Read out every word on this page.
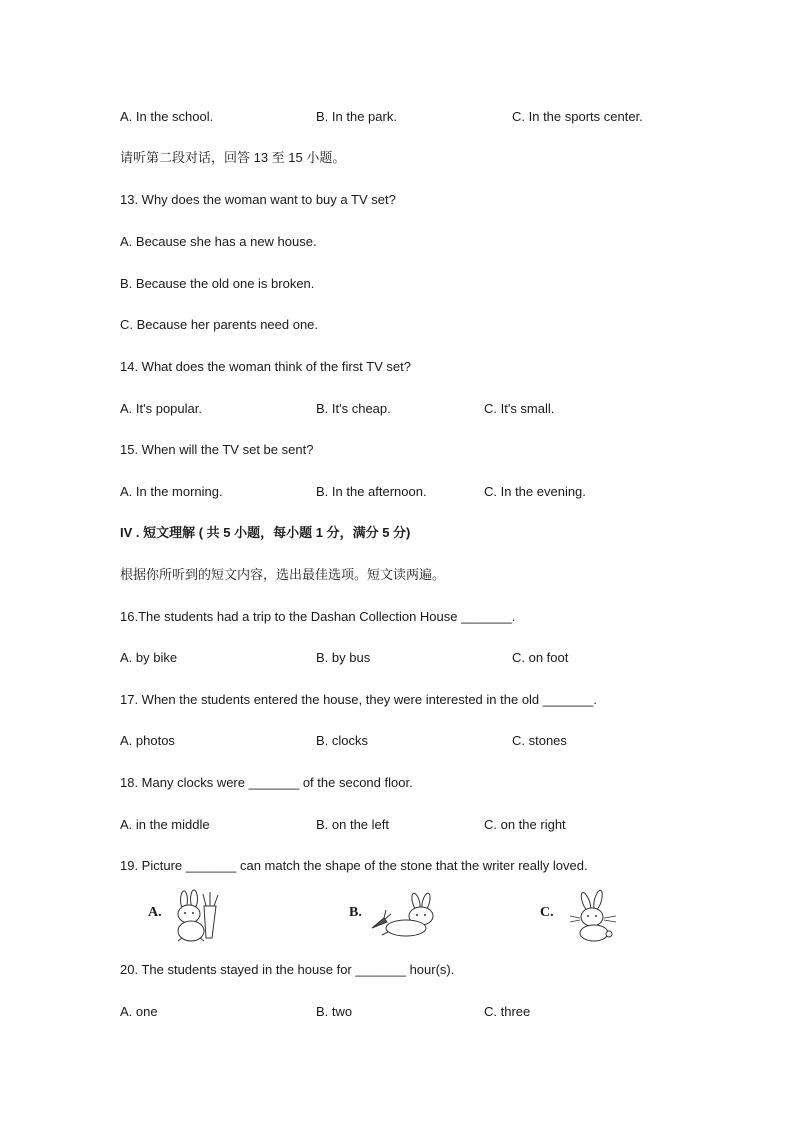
A. In the school.	B. In the park.	C. In the sports center.
请听第二段对话，回答 13 至 15 小题。
13. Why does the woman want to buy a TV set?
A. Because she has a new house.
B. Because the old one is broken.
C. Because her parents need one.
14. What does the woman think of the first TV set?
A. It's popular.	B. It's cheap.	C. It's small.
15. When will the TV set be sent?
A. In the morning.	B. In the afternoon.	C. In the evening.
IV . 短文理解 ( 共 5 小题，每小题 1 分，满分 5 分)
根据你所听到的短文内容，选出最佳选项。短文读两遍。
16.The students had a trip to the Dashan Collection House _______.
A. by bike	B. by bus	C. on foot
17. When the students entered the house, they were interested in the old _______.
A. photos	B. clocks	C. stones
18. Many clocks were _______ of the second floor.
A. in the middle	B. on the left	C. on the right
19. Picture _______ can match the shape of the stone that the writer really loved.
A.	B.	C.
20. The students stayed in the house for _______ hour(s).
A. one	B. two	C. three
